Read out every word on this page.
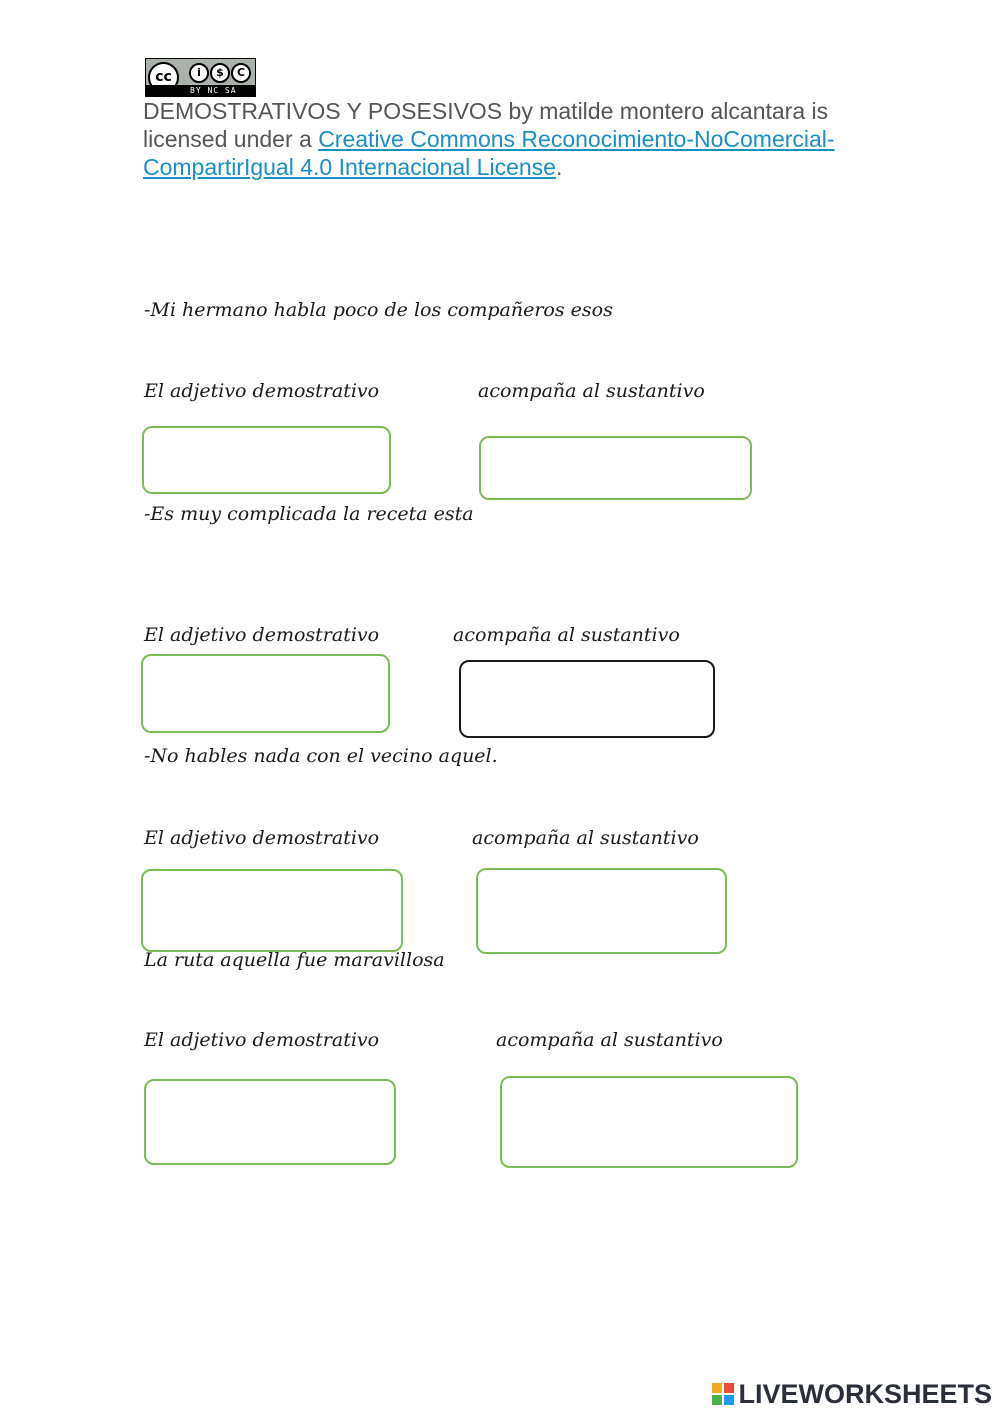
cc	i	$	C
BY NC SA
DEMOSTRATIVOS Y POSESIVOS by matilde montero alcantara is licensed under a Creative Commons Reconocimiento-NoComercial-CompartirIgual 4.0 Internacional License.
-Mi hermano habla poco de los compañeros esos
El adjetivo demostrativo	acompaña al sustantivo
-Es muy complicada la receta esta
El adjetivo demostrativo	acompaña al sustantivo
-No hables nada con el vecino aquel.
El adjetivo demostrativo	acompaña al sustantivo
La ruta aquella fue maravillosa
El adjetivo demostrativo	acompaña al sustantivo
LIVEWORKSHEETS
